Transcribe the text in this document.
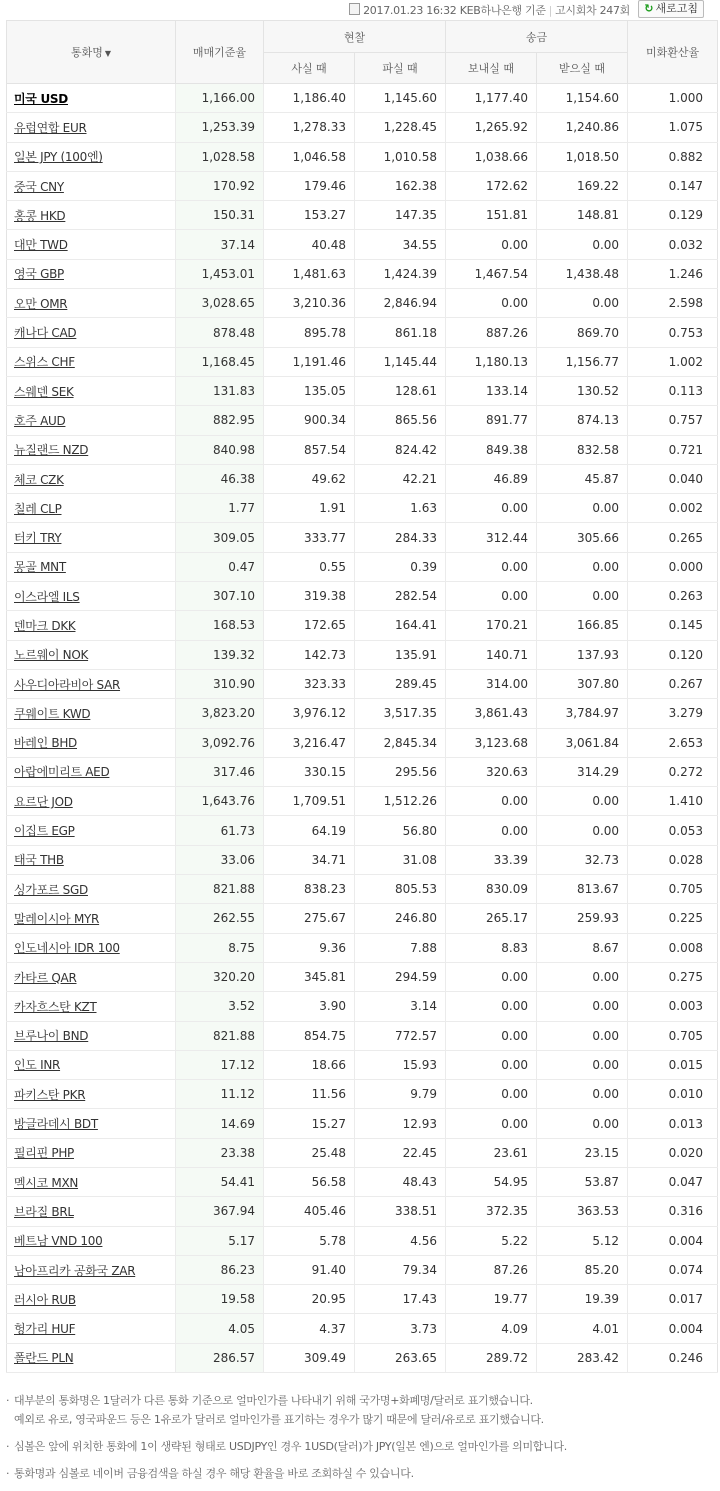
2017.01.23 16:32 KEB하나은행 기준 | 고시회차 247회	↻ 새로고침
통화명 ▼	매매기준율	현찰		송금		미화환산율
		사실 때	파실 때	보내실 때	받으실 때	
미국 USD	1,166.00	1,186.40	1,145.60	1,177.40	1,154.60	1.000
유럽연합 EUR	1,253.39	1,278.33	1,228.45	1,265.92	1,240.86	1.075
일본 JPY (100엔)	1,028.58	1,046.58	1,010.58	1,038.66	1,018.50	0.882
중국 CNY	170.92	179.46	162.38	172.62	169.22	0.147
홍콩 HKD	150.31	153.27	147.35	151.81	148.81	0.129
대만 TWD	37.14	40.48	34.55	0.00	0.00	0.032
영국 GBP	1,453.01	1,481.63	1,424.39	1,467.54	1,438.48	1.246
오만 OMR	3,028.65	3,210.36	2,846.94	0.00	0.00	2.598
캐나다 CAD	878.48	895.78	861.18	887.26	869.70	0.753
스위스 CHF	1,168.45	1,191.46	1,145.44	1,180.13	1,156.77	1.002
스웨덴 SEK	131.83	135.05	128.61	133.14	130.52	0.113
호주 AUD	882.95	900.34	865.56	891.77	874.13	0.757
뉴질랜드 NZD	840.98	857.54	824.42	849.38	832.58	0.721
체코 CZK	46.38	49.62	42.21	46.89	45.87	0.040
칠레 CLP	1.77	1.91	1.63	0.00	0.00	0.002
터키 TRY	309.05	333.77	284.33	312.44	305.66	0.265
몽골 MNT	0.47	0.55	0.39	0.00	0.00	0.000
이스라엘 ILS	307.10	319.38	282.54	0.00	0.00	0.263
덴마크 DKK	168.53	172.65	164.41	170.21	166.85	0.145
노르웨이 NOK	139.32	142.73	135.91	140.71	137.93	0.120
사우디아라비아 SAR	310.90	323.33	289.45	314.00	307.80	0.267
쿠웨이트 KWD	3,823.20	3,976.12	3,517.35	3,861.43	3,784.97	3.279
바레인 BHD	3,092.76	3,216.47	2,845.34	3,123.68	3,061.84	2.653
아랍에미리트 AED	317.46	330.15	295.56	320.63	314.29	0.272
요르단 JOD	1,643.76	1,709.51	1,512.26	0.00	0.00	1.410
이집트 EGP	61.73	64.19	56.80	0.00	0.00	0.053
태국 THB	33.06	34.71	31.08	33.39	32.73	0.028
싱가포르 SGD	821.88	838.23	805.53	830.09	813.67	0.705
말레이시아 MYR	262.55	275.67	246.80	265.17	259.93	0.225
인도네시아 IDR 100	8.75	9.36	7.88	8.83	8.67	0.008
카타르 QAR	320.20	345.81	294.59	0.00	0.00	0.275
카자흐스탄 KZT	3.52	3.90	3.14	0.00	0.00	0.003
브루나이 BND	821.88	854.75	772.57	0.00	0.00	0.705
인도 INR	17.12	18.66	15.93	0.00	0.00	0.015
파키스탄 PKR	11.12	11.56	9.79	0.00	0.00	0.010
방글라데시 BDT	14.69	15.27	12.93	0.00	0.00	0.013
필리핀 PHP	23.38	25.48	22.45	23.61	23.15	0.020
멕시코 MXN	54.41	56.58	48.43	54.95	53.87	0.047
브라질 BRL	367.94	405.46	338.51	372.35	363.53	0.316
베트남 VND 100	5.17	5.78	4.56	5.22	5.12	0.004
남아프리카 공화국 ZAR	86.23	91.40	79.34	87.26	85.20	0.074
러시아 RUB	19.58	20.95	17.43	19.77	19.39	0.017
헝가리 HUF	4.05	4.37	3.73	4.09	4.01	0.004
폴란드 PLN	286.57	309.49	263.65	289.72	283.42	0.246

· 대부분의 통화명은 1달러가 다른 통화 기준으로 얼마인가를 나타내기 위해 국가명+화폐명/달러로 표기했습니다.
예외로 유로, 영국파운드 등은 1유로가 달러로 얼마인가를 표기하는 경우가 많기 때문에 달러/유로로 표기했습니다.

· 심볼은 앞에 위치한 통화에 1이 생략된 형태로 USDJPY인 경우 1USD(달러)가 JPY(일본 엔)으로 얼마인가를 의미합니다.

· 통화명과 심볼로 네이버 금융검색을 하실 경우 해당 환율을 바로 조회하실 수 있습니다.
